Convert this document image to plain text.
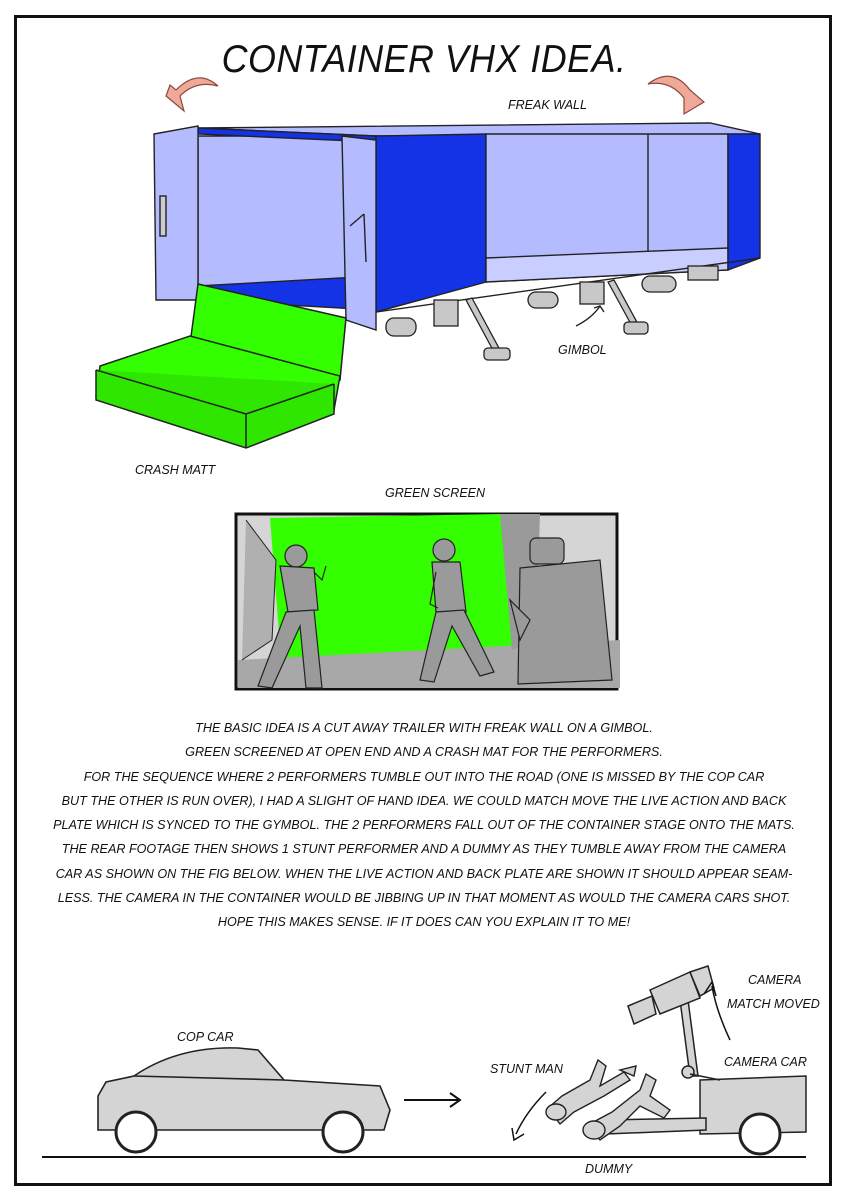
CONTAINER VHX IDEA.
FREAK WALL
GIMBOL
CRASH MATT
GREEN SCREEN
COP CAR
STUNT MAN
CAMERA
MATCH MOVED
CAMERA CAR
DUMMY

THE BASIC IDEA IS A CUT AWAY TRAILER WITH FREAK WALL ON A GIMBOL.

GREEN SCREENED AT OPEN END AND A CRASH MAT FOR THE PERFORMERS.

FOR THE SEQUENCE WHERE 2 PERFORMERS TUMBLE OUT INTO THE ROAD (ONE IS MISSED BY THE COP CAR

BUT THE OTHER IS RUN OVER), I HAD A SLIGHT OF HAND IDEA. WE COULD MATCH MOVE THE LIVE ACTION AND BACK

PLATE WHICH IS SYNCED TO THE GYMBOL. THE 2 PERFORMERS FALL OUT OF THE CONTAINER STAGE ONTO THE MATS.

THE REAR FOOTAGE THEN SHOWS 1 STUNT PERFORMER AND A DUMMY AS THEY TUMBLE AWAY FROM THE CAMERA

CAR AS SHOWN ON THE FIG BELOW. WHEN THE LIVE ACTION AND BACK PLATE ARE SHOWN IT SHOULD APPEAR SEAM-

LESS. THE CAMERA IN THE CONTAINER WOULD BE JIBBING UP IN THAT MOMENT AS WOULD THE CAMERA CARS SHOT.

HOPE THIS MAKES SENSE. IF IT DOES CAN YOU EXPLAIN IT TO ME!
